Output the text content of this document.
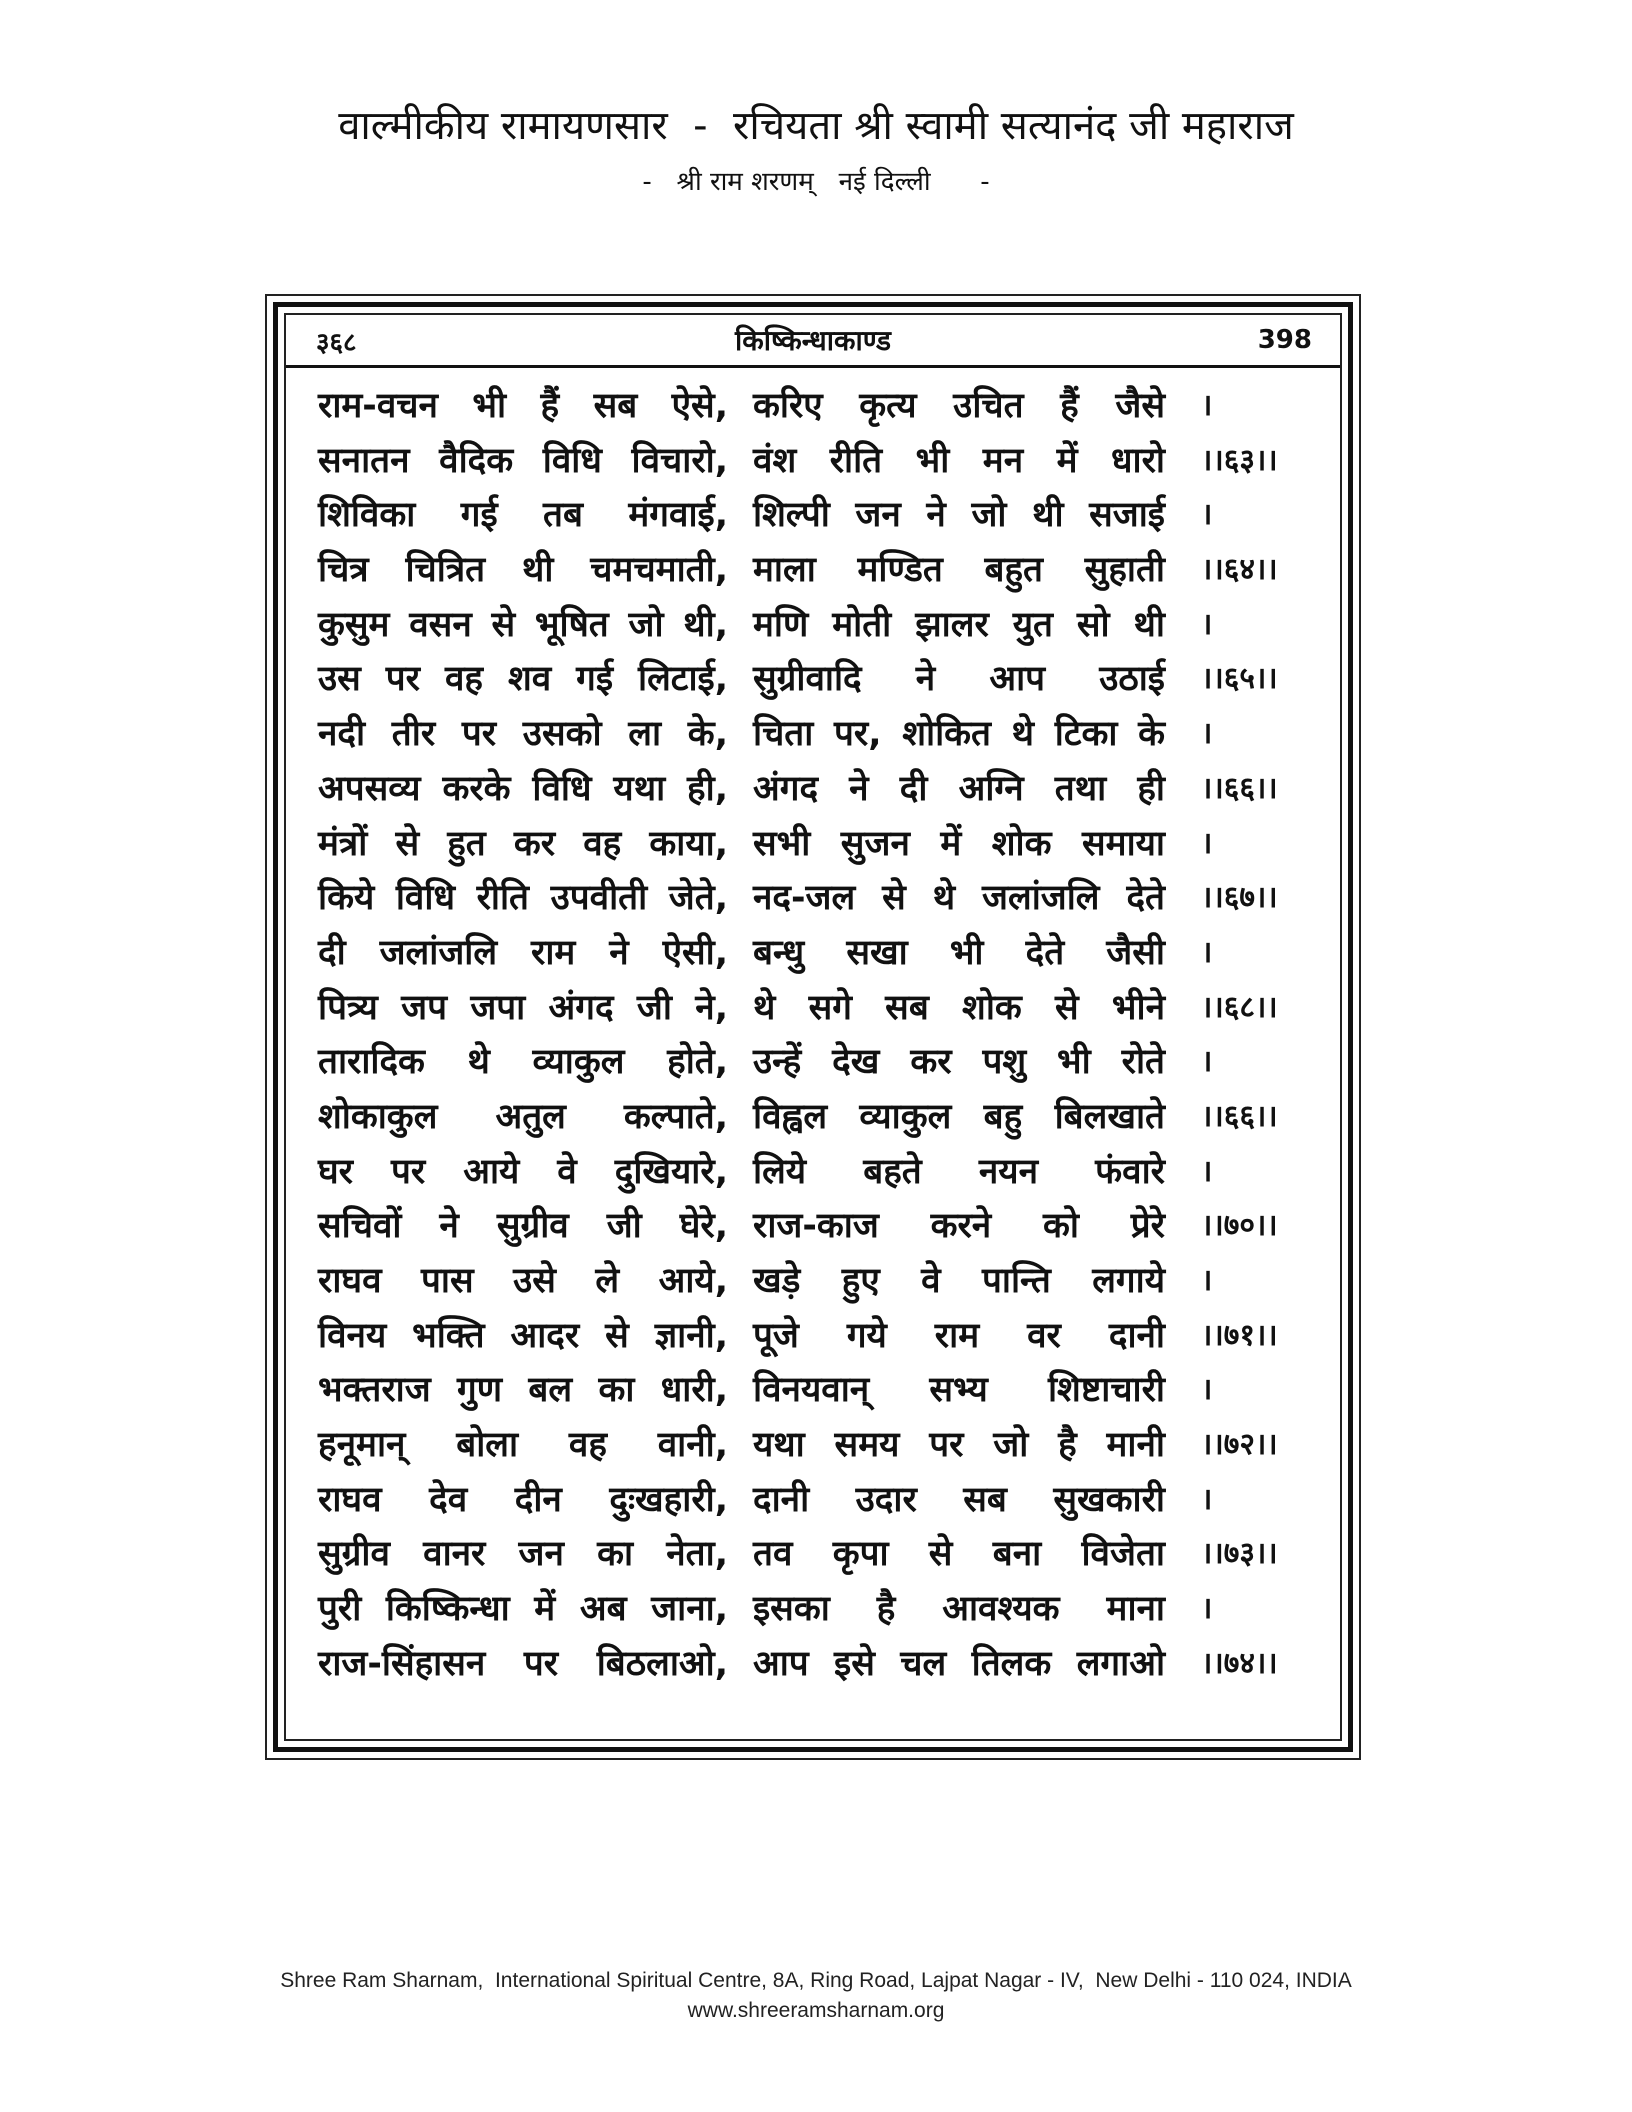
वाल्मीकीय रामायणसार  -  रचियता श्री स्वामी सत्यानंद जी महाराज
-   श्री राम शरणम्   नई दिल्ली      -
३६८	किष्किन्धाकाण्ड	398
राम-वचन भी हैं सब ऐसे, करिए कृत्य उचित हैं जैसे ।
सनातन वैदिक विधि विचारो, वंश रीति भी मन में धारो ।।६३।।
शिविका गई तब मंगवाई, शिल्पी जन ने जो थी सजाई ।
चित्र चित्रित थी चमचमाती, माला मण्डित बहुत सुहाती ।।६४।।
कुसुम वसन से भूषित जो थी, मणि मोती झालर युत सो थी ।
उस पर वह शव गई लिटाई, सुग्रीवादि ने आप उठाई ।।६५।।
नदी तीर पर उसको ला के, चिता पर, शोकित थे टिका के ।
अपसव्य करके विधि यथा ही, अंगद ने दी अग्नि तथा ही ।।६६।।
मंत्रों से हुत कर वह काया, सभी सुजन में शोक समाया ।
किये विधि रीति उपवीती जेते, नद-जल से थे जलांजलि देते ।।६७।।
दी जलांजलि राम ने ऐसी, बन्धु सखा भी देते जैसी ।
पित्र्य जप जपा अंगद जी ने, थे सगे सब शोक से भीने ।।६८।।
तारादिक थे व्याकुल होते, उन्हें देख कर पशु भी रोते ।
शोकाकुल अतुल कल्पाते, विह्वल व्याकुल बहु बिलखाते ।।६६।।
घर पर आये वे दुखियारे, लिये बहते नयन फंवारे ।
सचिवों ने सुग्रीव जी घेरे, राज-काज करने को प्रेरे ।।७०।।
राघव पास उसे ले आये, खड़े हुए वे पान्ति लगाये ।
विनय भक्ति आदर से ज्ञानी, पूजे गये राम वर दानी ।।७१।।
भक्तराज गुण बल का धारी, विनयवान् सभ्य शिष्टाचारी ।
हनूमान् बोला वह वानी, यथा समय पर जो है मानी ।।७२।।
राघव देव दीन दुःखहारी, दानी उदार सब सुखकारी ।
सुग्रीव वानर जन का नेता, तव कृपा से बना विजेता ।।७३।।
पुरी किष्किन्धा में अब जाना, इसका है आवश्यक माना ।
राज-सिंहासन पर बिठलाओ, आप इसे चल तिलक लगाओ ।।७४।।
Shree Ram Sharnam,  International Spiritual Centre, 8A, Ring Road, Lajpat Nagar - IV,  New Delhi - 110 024, INDIA
www.shreeramsharnam.org
